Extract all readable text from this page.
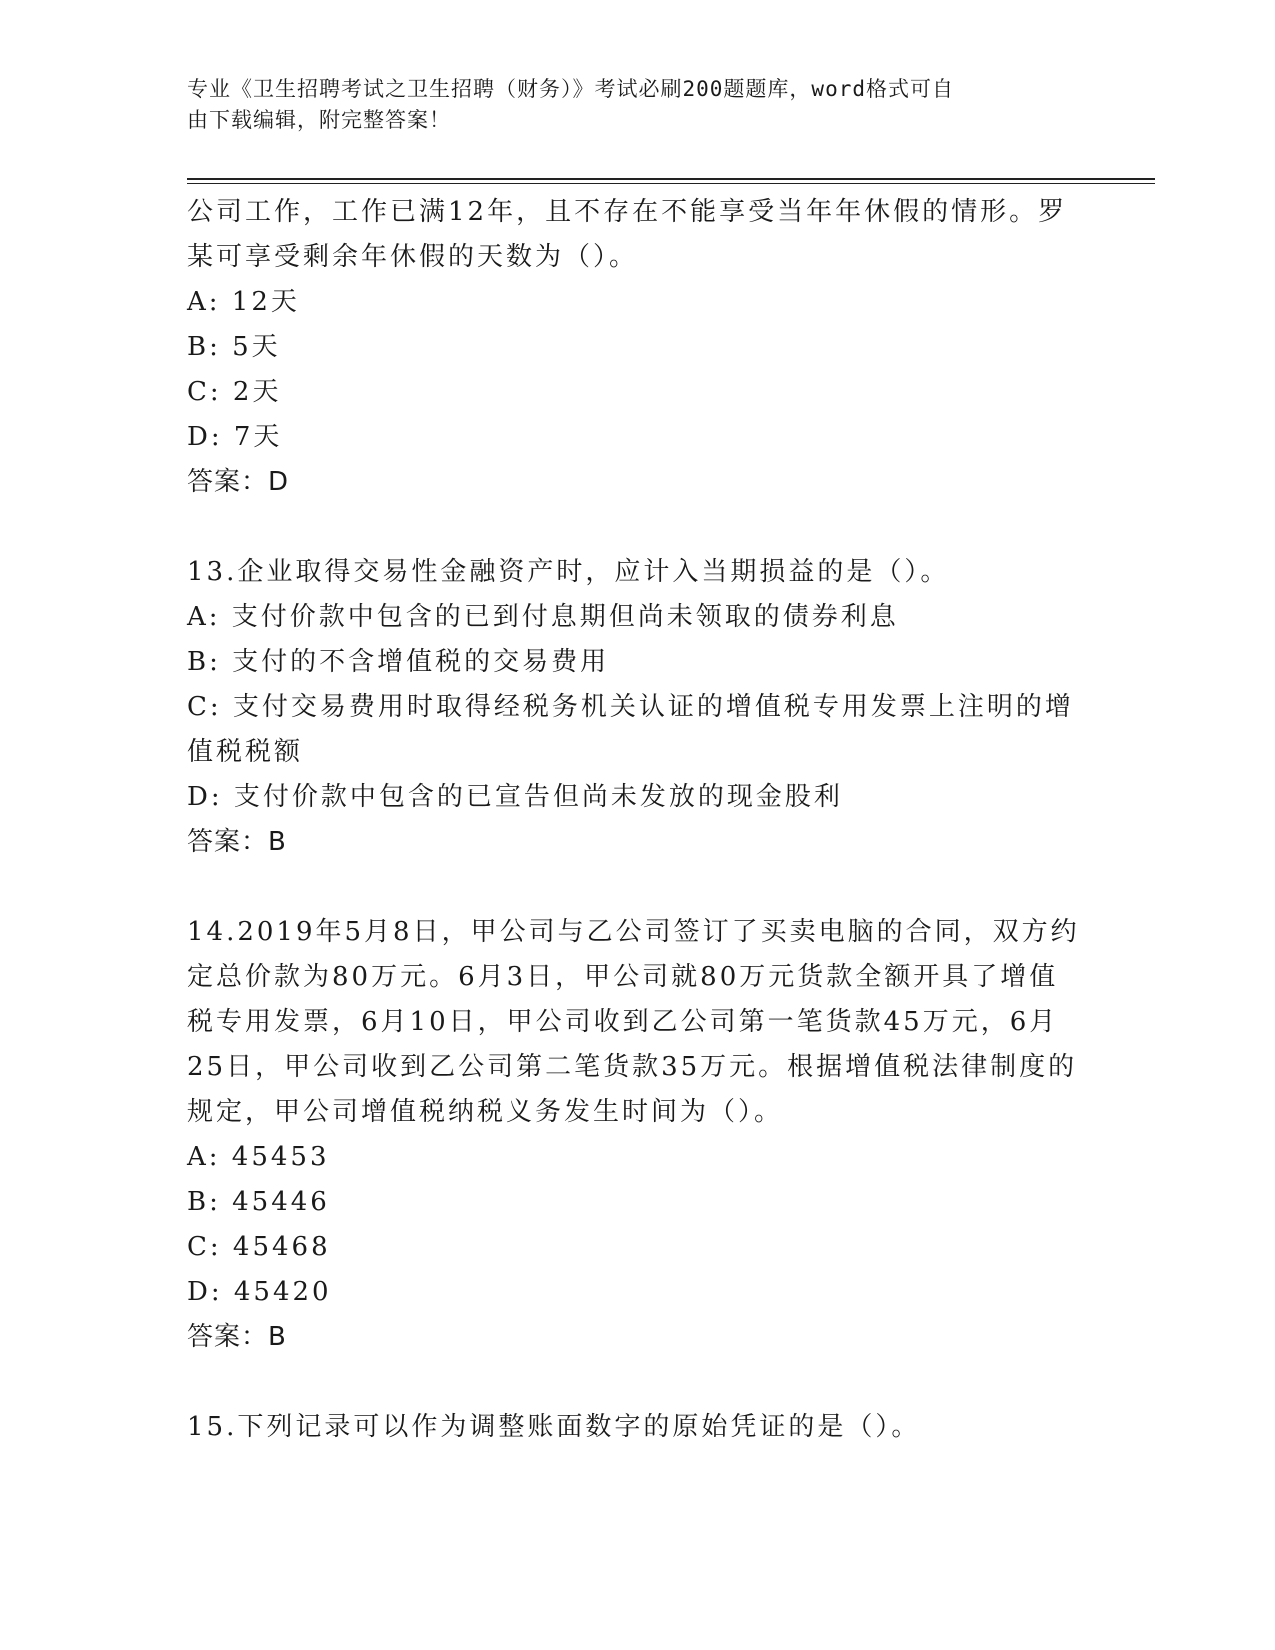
专业《卫生招聘考试之卫生招聘（财务）》考试必刷200题题库，word格式可自
由下载编辑，附完整答案！

公司工作，工作已满12年，且不存在不能享受当年年休假的情形。罗

某可享受剩余年休假的天数为（）。

A: 12天

B: 5天

C: 2天

D: 7天

答案：D

13.企业取得交易性金融资产时，应计入当期损益的是（）。

A: 支付价款中包含的已到付息期但尚未领取的债券利息

B: 支付的不含增值税的交易费用

C: 支付交易费用时取得经税务机关认证的增值税专用发票上注明的增

值税税额

D: 支付价款中包含的已宣告但尚未发放的现金股利

答案：B

14.2019年5月8日，甲公司与乙公司签订了买卖电脑的合同，双方约

定总价款为80万元。6月3日，甲公司就80万元货款全额开具了增值

税专用发票，6月10日，甲公司收到乙公司第一笔货款45万元，6月

25日，甲公司收到乙公司第二笔货款35万元。根据增值税法律制度的

规定，甲公司增值税纳税义务发生时间为（）。

A: 45453

B: 45446

C: 45468

D: 45420

答案：B

15.下列记录可以作为调整账面数字的原始凭证的是（）。
